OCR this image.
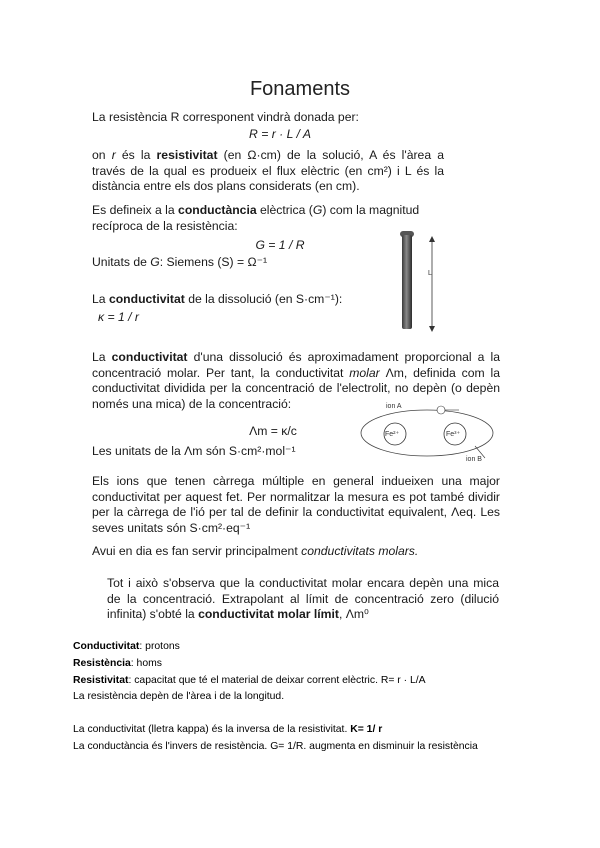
Fonaments
La resistència R corresponent vindrà donada per:
R = r · L / A
on r és la resistivitat (en Ω·cm) de la solució, A és l'àrea a través de la qual es produeix el flux elèctric (en cm²) i L és la distància entre els dos plans considerats (en cm).
Es defineix a la conductància elèctrica (G) com la magnitud recíproca de la resistència:
G = 1 / R
Unitats de G: Siemens (S) = Ω⁻¹
La conductivitat de la dissolució (en S·cm⁻¹):
κ = 1 / r
L
La conductivitat d'una dissolució és aproximadament proporcional a la concentració molar. Per tant, la conductivitat molar Λm, definida com la conductivitat dividida per la concentració de l'electrolit, no depèn (o depèn només una mica) de la concentració:
Λm = κ/c
Les unitats de la Λm són S·cm²·mol⁻¹
Fe²⁺	Fe³⁺
ion A
ion B
Els ions que tenen càrrega múltiple en general indueixen una major conductivitat per aquest fet. Per normalitzar la mesura es pot també dividir per la càrrega de l'ió per tal de definir la conductivitat equivalent, Λeq. Les seves unitats són S·cm²·eq⁻¹
Avui en dia es fan servir principalment conductivitats molars.
Tot i això s'observa que la conductivitat molar encara depèn una mica de la concentració. Extrapolant al límit de concentració zero (dilució infinita) s'obté la conductivitat molar límit, Λm⁰
Conductivitat: protons
Resistència: homs
Resistivitat: capacitat que té el material de deixar corrent elèctric. R= r · L/A
La resistència depèn de l'àrea i de la longitud.
La conductivitat (lletra kappa) és la inversa de la resistivitat. K= 1/ r
La conductància és l'invers de resistència. G= 1/R. augmenta en disminuir la resistència
